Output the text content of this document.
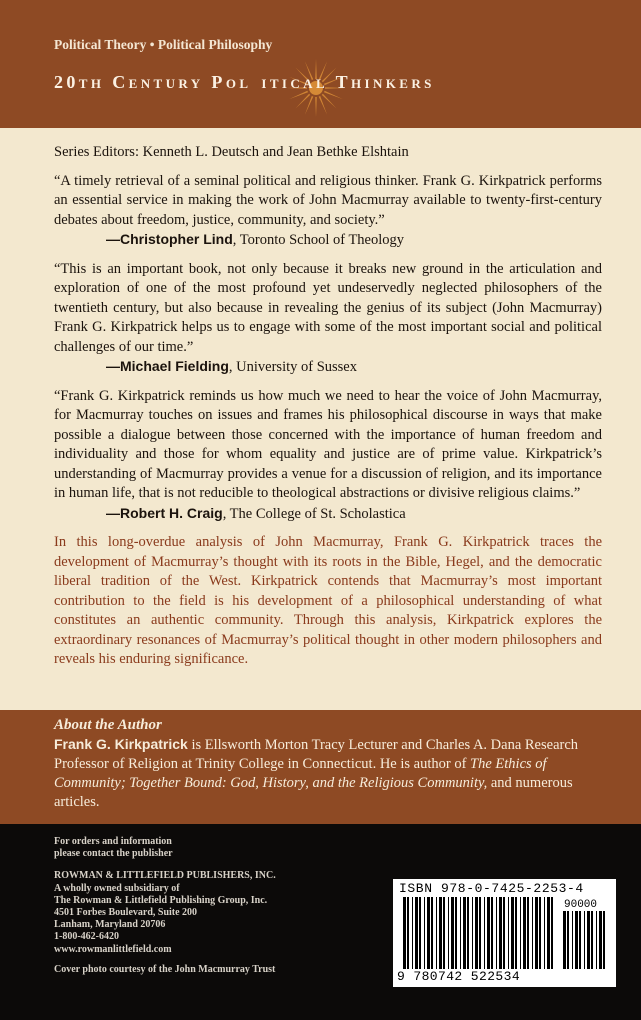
Political Theory • Political Philosophy
20th Century Pol itical Thinkers
Series Editors: Kenneth L. Deutsch and Jean Bethke Elshtain
“A timely retrieval of a seminal political and religious thinker. Frank G. Kirkpatrick performs an essential service in making the work of John Macmurray available to twenty-first-century debates about freedom, justice, community, and society.”
—Christopher Lind, Toronto School of Theology
“This is an important book, not only because it breaks new ground in the articulation and exploration of one of the most profound yet undeservedly neglected philosophers of the twentieth century, but also because in revealing the genius of its subject (John Macmurray) Frank G. Kirkpatrick helps us to engage with some of the most important social and political challenges of our time.”
—Michael Fielding, University of Sussex
“Frank G. Kirkpatrick reminds us how much we need to hear the voice of John Macmurray, for Macmurray touches on issues and frames his philosophical discourse in ways that make possible a dialogue between those concerned with the importance of human freedom and individuality and those for whom equality and justice are of prime value. Kirkpatrick’s understanding of Macmurray provides a venue for a discussion of religion, and its importance in human life, that is not reducible to theological abstractions or divisive religious claims.”
—Robert H. Craig, The College of St. Scholastica
In this long-overdue analysis of John Macmurray, Frank G. Kirkpatrick traces the development of Macmurray’s thought with its roots in the Bible, Hegel, and the democratic liberal tradition of the West. Kirkpatrick contends that Macmurray’s most important contribution to the field is his development of a philosophical understanding of what constitutes an authentic community. Through this analysis, Kirkpatrick explores the extraordinary resonances of Macmurray’s political thought in other modern philosophers and reveals his enduring significance.
About the Author
Frank G. Kirkpatrick is Ellsworth Morton Tracy Lecturer and Charles A. Dana Research Professor of Religion at Trinity College in Connecticut. He is author of The Ethics of Community; Together Bound: God, History, and the Religious Community, and numerous articles.
For orders and information
please contact the publisher
ROWMAN & LITTLEFIELD PUBLISHERS, INC.
A wholly owned subsidiary of
The Rowman & Littlefield Publishing Group, Inc.
4501 Forbes Boulevard, Suite 200
Lanham, Maryland 20706
1-800-462-6420
www.rowmanlittlefield.com
Cover photo courtesy of the John Macmurray Trust
ISBN 978-0-7425-2253-4
90000
9 780742 522534
